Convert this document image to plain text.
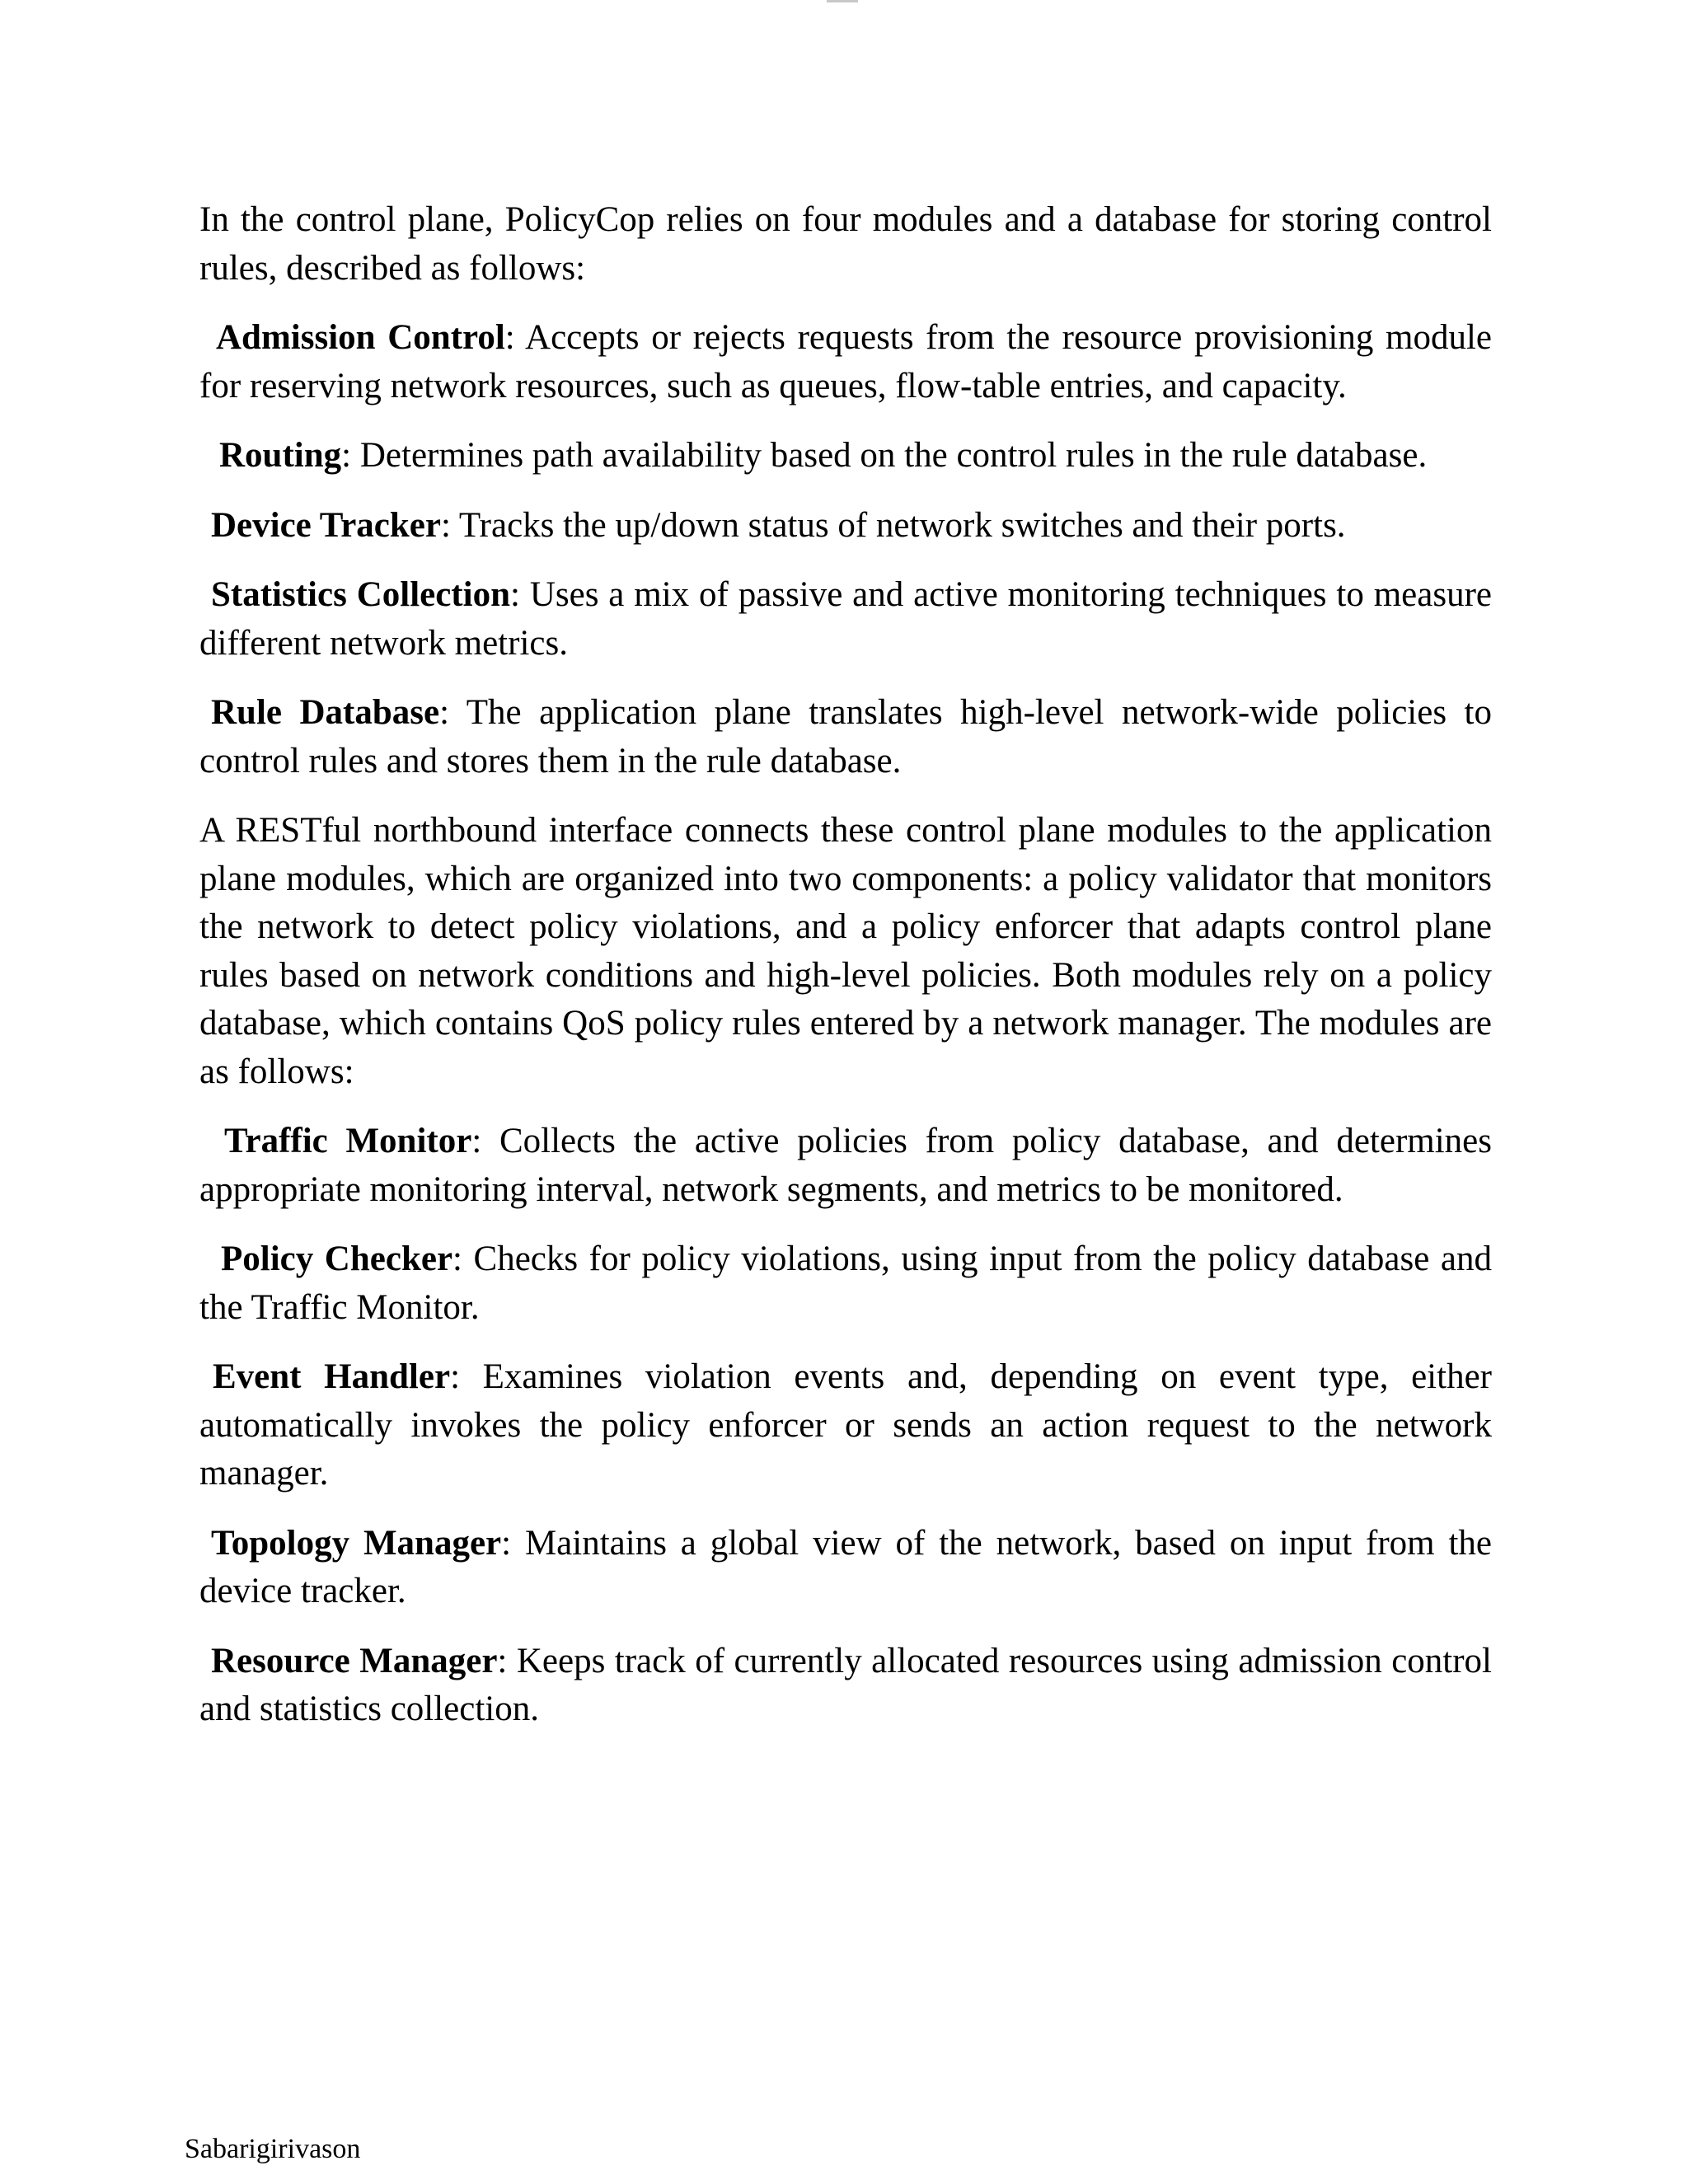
In the control plane, PolicyCop relies on four modules and a database for storing control rules, described as follows:

Admission Control: Accepts or rejects requests from the resource provisioning module for reserving network resources, such as queues, flow-table entries, and capacity.

Routing: Determines path availability based on the control rules in the rule database.

Device Tracker: Tracks the up/down status of network switches and their ports.

Statistics Collection: Uses a mix of passive and active monitoring techniques to measure different network metrics.

Rule Database: The application plane translates high-level network-wide policies to control rules and stores them in the rule database.

A RESTful northbound interface connects these control plane modules to the application plane modules, which are organized into two components: a policy validator that monitors the network to detect policy violations, and a policy enforcer that adapts control plane rules based on network conditions and high-level policies. Both modules rely on a policy database, which contains QoS policy rules entered by a network manager. The modules are as follows:

Traffic Monitor: Collects the active policies from policy database, and determines appropriate monitoring interval, network segments, and metrics to be monitored.

Policy Checker: Checks for policy violations, using input from the policy database and the Traffic Monitor.

Event Handler: Examines violation events and, depending on event type, either automatically invokes the policy enforcer or sends an action request to the network manager.

Topology Manager: Maintains a global view of the network, based on input from the device tracker.

Resource Manager: Keeps track of currently allocated resources using admission control and statistics collection.

Sabarigirivason
